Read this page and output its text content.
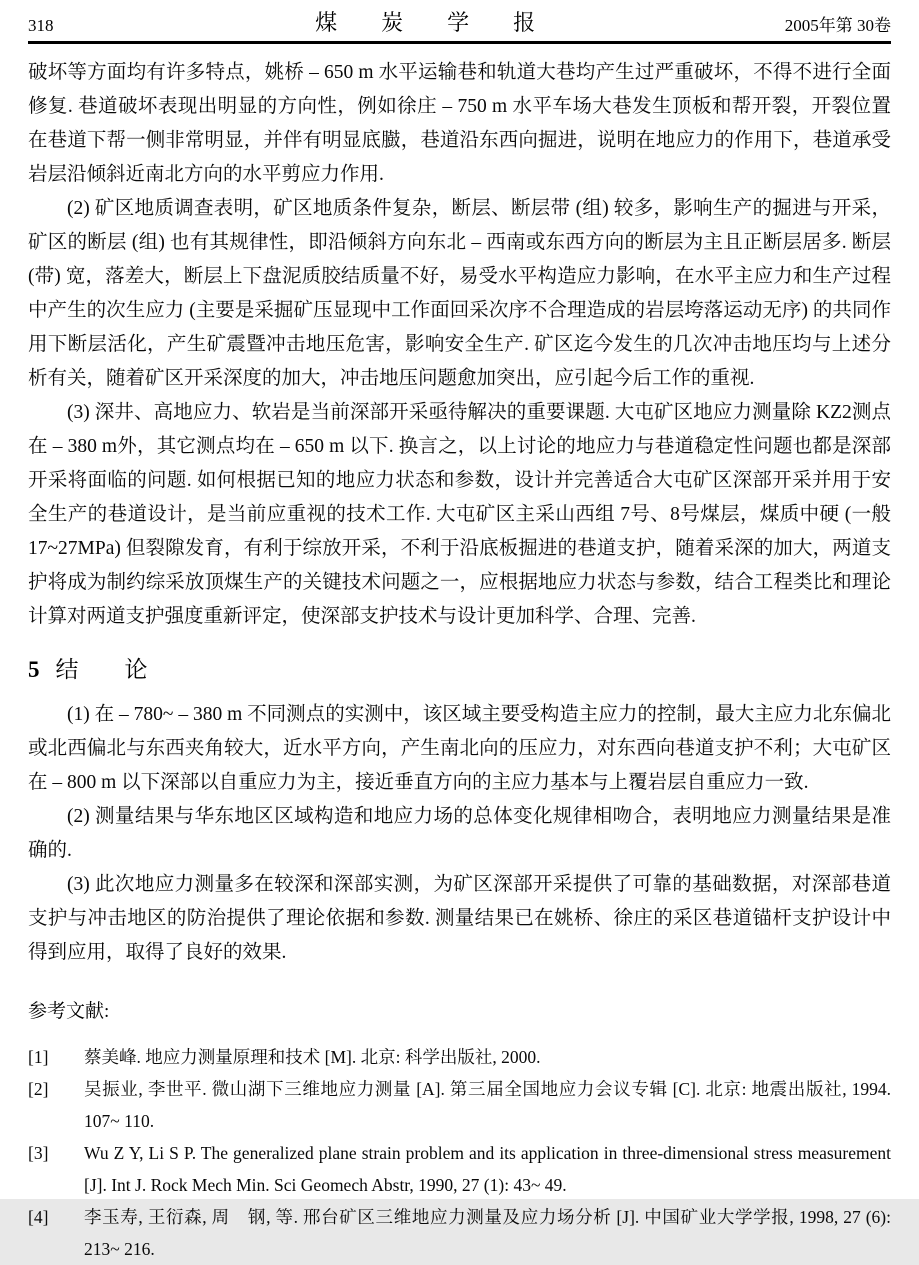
318	煤　　炭　　学　　报	2005年第 30卷

破坏等方面均有许多特点，姚桥 – 650 m 水平运输巷和轨道大巷均产生过严重破坏，不得不进行全面修复. 巷道破坏表现出明显的方向性，例如徐庄 – 750 m 水平车场大巷发生顶板和帮开裂，开裂位置在巷道下帮一侧非常明显，并伴有明显底臌，巷道沿东西向掘进，说明在地应力的作用下，巷道承受岩层沿倾斜近南北方向的水平剪应力作用.

(2) 矿区地质调查表明，矿区地质条件复杂，断层、断层带 (组) 较多，影响生产的掘进与开采，矿区的断层 (组) 也有其规律性，即沿倾斜方向东北 – 西南或东西方向的断层为主且正断层居多. 断层 (带) 宽，落差大，断层上下盘泥质胶结质量不好，易受水平构造应力影响，在水平主应力和生产过程中产生的次生应力 (主要是采掘矿压显现中工作面回采次序不合理造成的岩层垮落运动无序) 的共同作用下断层活化，产生矿震暨冲击地压危害，影响安全生产. 矿区迄今发生的几次冲击地压均与上述分析有关，随着矿区开采深度的加大，冲击地压问题愈加突出，应引起今后工作的重视.

(3) 深井、高地应力、软岩是当前深部开采亟待解决的重要课题. 大屯矿区地应力测量除 KZ2测点在 – 380 m外，其它测点均在 – 650 m 以下. 换言之，以上讨论的地应力与巷道稳定性问题也都是深部开采将面临的问题. 如何根据已知的地应力状态和参数，设计并完善适合大屯矿区深部开采并用于安全生产的巷道设计，是当前应重视的技术工作. 大屯矿区主采山西组 7号、8号煤层，煤质中硬 (一般 17~27MPa) 但裂隙发育，有利于综放开采，不利于沿底板掘进的巷道支护，随着采深的加大，两道支护将成为制约综采放顶煤生产的关键技术问题之一，应根据地应力状态与参数，结合工程类比和理论计算对两道支护强度重新评定，使深部支护技术与设计更加科学、合理、完善.

5 结　　论

(1) 在 – 780~ – 380 m 不同测点的实测中，该区域主要受构造主应力的控制，最大主应力北东偏北或北西偏北与东西夹角较大，近水平方向，产生南北向的压应力，对东西向巷道支护不利；大屯矿区在 – 800 m 以下深部以自重应力为主，接近垂直方向的主应力基本与上覆岩层自重应力一致.

(2) 测量结果与华东地区区域构造和地应力场的总体变化规律相吻合，表明地应力测量结果是准确的.

(3) 此次地应力测量多在较深和深部实测，为矿区深部开采提供了可靠的基础数据，对深部巷道支护与冲击地区的防治提供了理论依据和参数. 测量结果已在姚桥、徐庄的采区巷道锚杆支护设计中得到应用，取得了良好的效果.

参考文献:
[1]	蔡美峰. 地应力测量原理和技术 [M]. 北京: 科学出版社, 2000.
[2]	吴振业, 李世平. 微山湖下三维地应力测量 [A]. 第三届全国地应力会议专辑 [C]. 北京: 地震出版社, 1994. 107~ 110.
[3]	Wu Z Y, Li S P. The generalized plane strain problem and its application in three-dimensional stress measurement [J]. Int J. Rock Mech Min. Sci Geomech Abstr, 1990, 27 (1): 43~ 49.
[4]	李玉寿, 王衍森, 周　钢, 等. 邢台矿区三维地应力测量及应力场分析 [J]. 中国矿业大学学报, 1998, 27 (6): 213~ 216.
